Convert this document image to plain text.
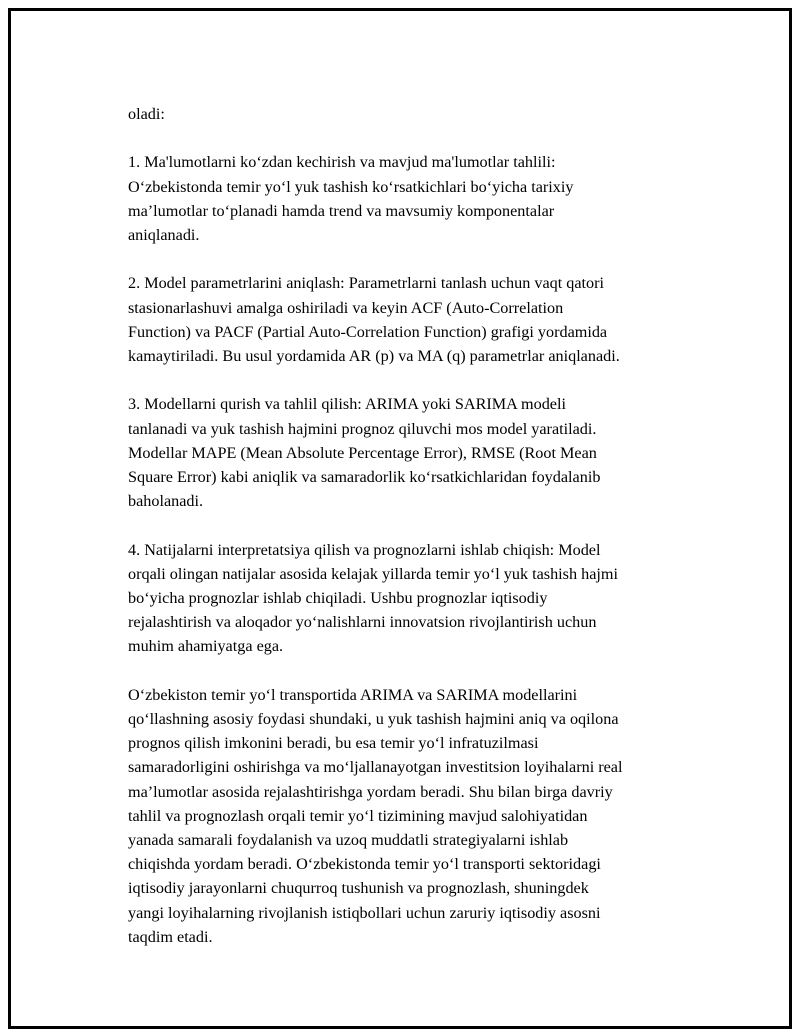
oladi:

1. Ma'lumotlarni ko‘zdan kechirish va mavjud ma'lumotlar tahlili:
O‘zbekistonda temir yo‘l yuk tashish ko‘rsatkichlari bo‘yicha tarixiy
ma’lumotlar to‘planadi hamda trend va mavsumiy komponentalar
aniqlanadi.

2. Model parametrlarini aniqlash: Parametrlarni tanlash uchun vaqt qatori
stasionarlashuvi amalga oshiriladi va keyin ACF (Auto-Correlation
Function) va PACF (Partial Auto-Correlation Function) grafigi yordamida
kamaytiriladi. Bu usul yordamida AR (p) va MA (q) parametrlar aniqlanadi.

3. Modellarni qurish va tahlil qilish: ARIMA yoki SARIMA modeli
tanlanadi va yuk tashish hajmini prognoz qiluvchi mos model yaratiladi.
Modellar MAPE (Mean Absolute Percentage Error), RMSE (Root Mean
Square Error) kabi aniqlik va samaradorlik ko‘rsatkichlaridan foydalanib
baholanadi.

4. Natijalarni interpretatsiya qilish va prognozlarni ishlab chiqish: Model
orqali olingan natijalar asosida kelajak yillarda temir yo‘l yuk tashish hajmi
bo‘yicha prognozlar ishlab chiqiladi. Ushbu prognozlar iqtisodiy
rejalashtirish va aloqador yo‘nalishlarni innovatsion rivojlantirish uchun
muhim ahamiyatga ega.

O‘zbekiston temir yo‘l transportida ARIMA va SARIMA modellarini
qo‘llashning asosiy foydasi shundaki, u yuk tashish hajmini aniq va oqilona
prognos qilish imkonini beradi, bu esa temir yo‘l infratuzilmasi
samaradorligini oshirishga va mo‘ljallanayotgan investitsion loyihalarni real
ma’lumotlar asosida rejalashtirishga yordam beradi. Shu bilan birga davriy
tahlil va prognozlash orqali temir yo‘l tizimining mavjud salohiyatidan
yanada samarali foydalanish va uzoq muddatli strategiyalarni ishlab
chiqishda yordam beradi. O‘zbekistonda temir yo‘l transporti sektoridagi
iqtisodiy jarayonlarni chuqurroq tushunish va prognozlash, shuningdek
yangi loyihalarning rivojlanish istiqbollari uchun zaruriy iqtisodiy asosni
taqdim etadi.
